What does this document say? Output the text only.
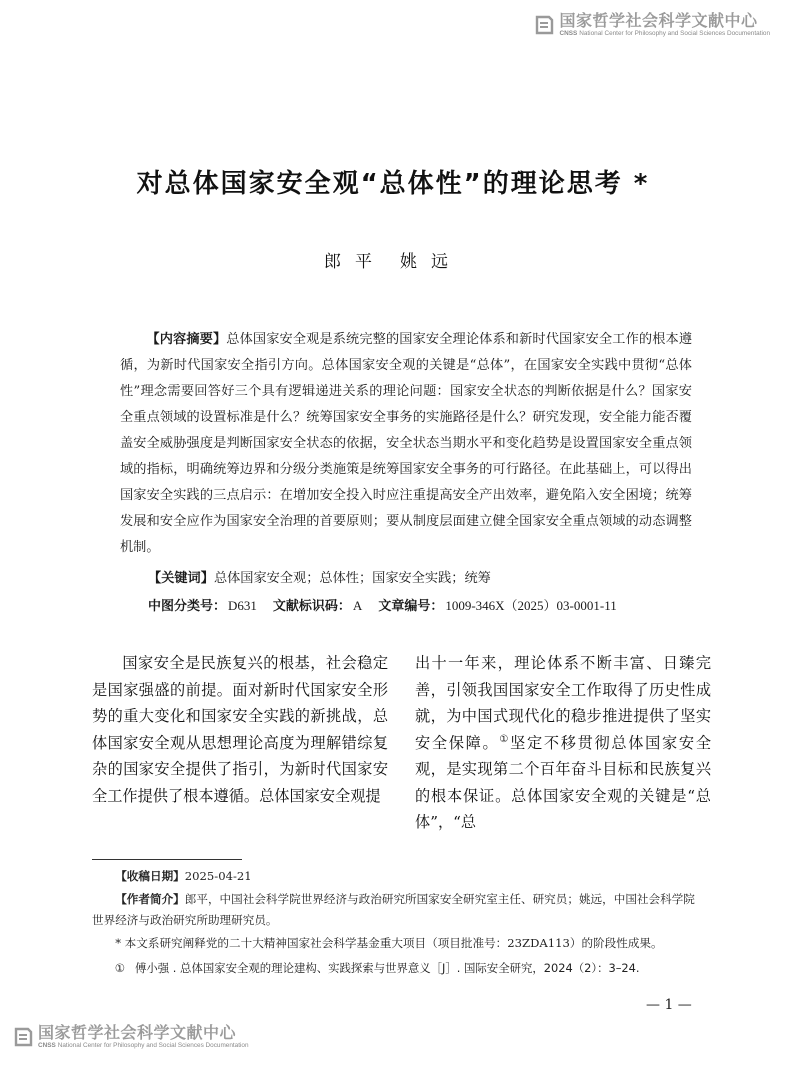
国家哲学社会科学文献中心
CNSS National Center for Philosophy and Social Sciences Documentation
对总体国家安全观“总体性”的理论思考 *
郎平 姚远

【内容摘要】总体国家安全观是系统完整的国家安全理论体系和新时代国家安全工作的根本遵循，为新时代国家安全指引方向。总体国家安全观的关键是“总体”，在国家安全实践中贯彻“总体性”理念需要回答好三个具有逻辑递进关系的理论问题：国家安全状态的判断依据是什么？国家安全重点领域的设置标准是什么？统筹国家安全事务的实施路径是什么？研究发现，安全能力能否覆盖安全威胁强度是判断国家安全状态的依据，安全状态当期水平和变化趋势是设置国家安全重点领域的指标，明确统筹边界和分级分类施策是统筹国家安全事务的可行路径。在此基础上，可以得出国家安全实践的三点启示：在增加安全投入时应注重提高安全产出效率，避免陷入安全困境；统筹发展和安全应作为国家安全治理的首要原则；要从制度层面建立健全国家安全重点领域的动态调整机制。

【关键词】总体国家安全观；总体性；国家安全实践；统筹
中图分类号： D631 文献标识码： A 文章编号： 1009-346X（2025）03-0001-11

国家安全是民族复兴的根基，社会稳定是国家强盛的前提。面对新时代国家安全形势的重大变化和国家安全实践的新挑战，总体国家安全观从思想理论高度为理解错综复杂的国家安全提供了指引，为新时代国家安全工作提供了根本遵循。总体国家安全观提

出十一年来，理论体系不断丰富、日臻完善，引领我国国家安全工作取得了历史性成就，为中国式现代化的稳步推进提供了坚实安全保障。①坚定不移贯彻总体国家安全观，是实现第二个百年奋斗目标和民族复兴的根本保证。总体国家安全观的关键是“总体”，“总

【收稿日期】2025-04-21

【作者简介】郎平，中国社会科学院世界经济与政治研究所国家安全研究室主任、研究员；姚远，中国社会科学院世界经济与政治研究所助理研究员。

* 本文系研究阐释党的二十大精神国家社会科学基金重大项目（项目批准号：23ZDA113）的阶段性成果。

① 傅小强 . 总体国家安全观的理论建构、实践探索与世界意义［J］. 国际安全研究，2024（2）：3–24.

— 1 —
国家哲学社会科学文献中心
CNSS National Center for Philosophy and Social Sciences Documentation
